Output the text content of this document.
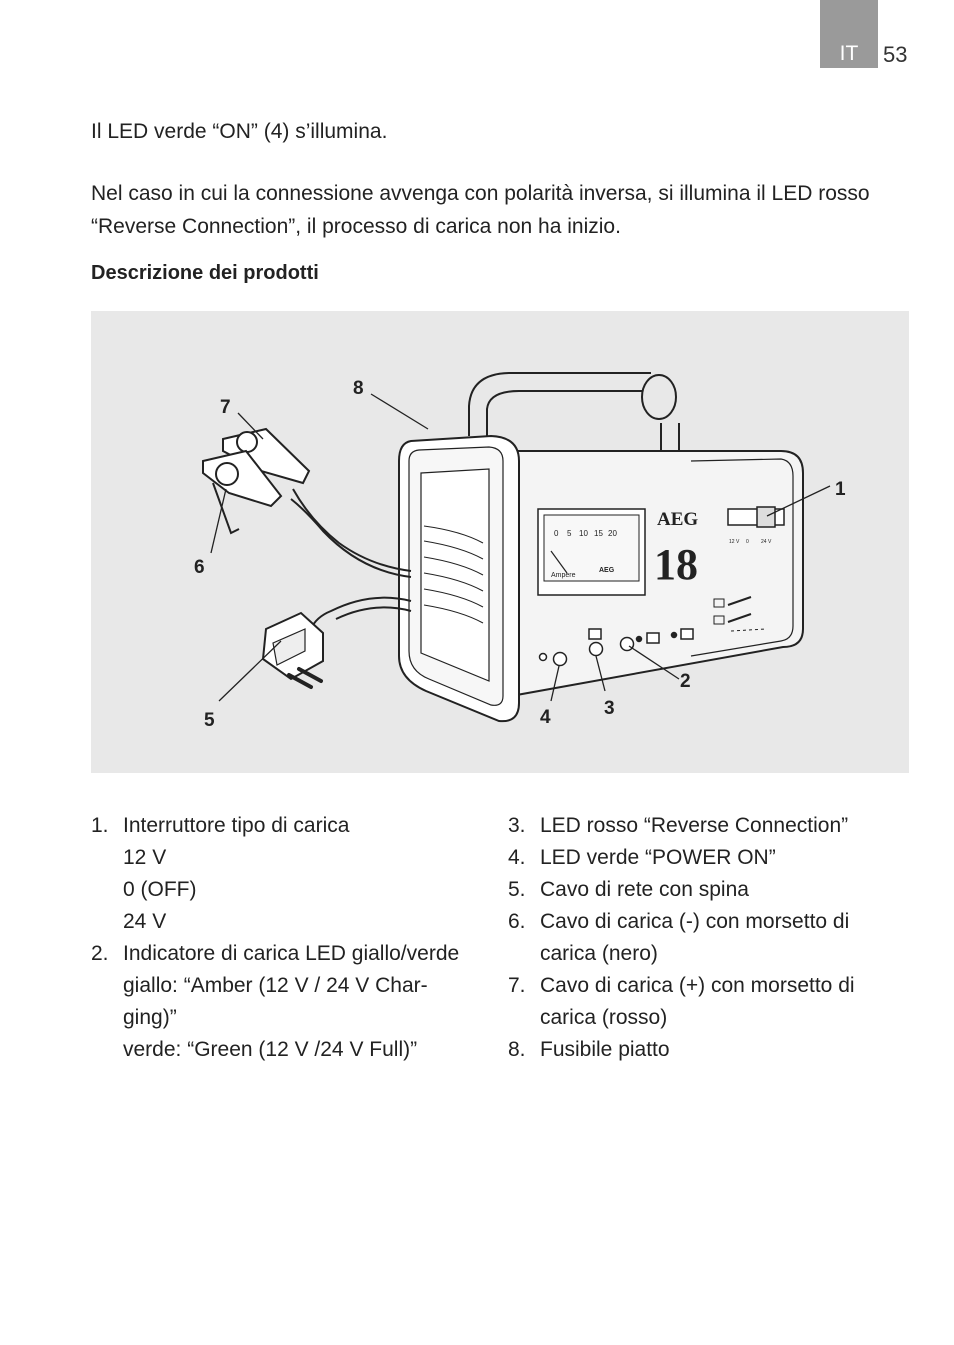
IT 53

Il LED verde “ON” (4) s’illumina.

Nel caso in cui la connessione avvenga con polarità inversa, si illumina il LED rosso “Reverse Connection”, il processo di carica non ha inizio.

Descrizione dei prodotti
0 5 10 15 20
Ampere
AEG
AEG
18	12 V 0 24 V
1
2
3
4
5
6
7
8
1. Interruttore tipo di carica
12 V
0 (OFF)
24 V
2. Indicatore di carica LED giallo/verde
giallo: “Amber (12 V / 24 V Char-
ging)”
verde: “Green (12 V /24 V Full)”
3. LED rosso “Reverse Connection”
4. LED verde “POWER ON”
5. Cavo di rete con spina
6. Cavo di carica (-) con morsetto di
carica (nero)
7. Cavo di carica (+) con morsetto di
carica (rosso)
8. Fusibile piatto
